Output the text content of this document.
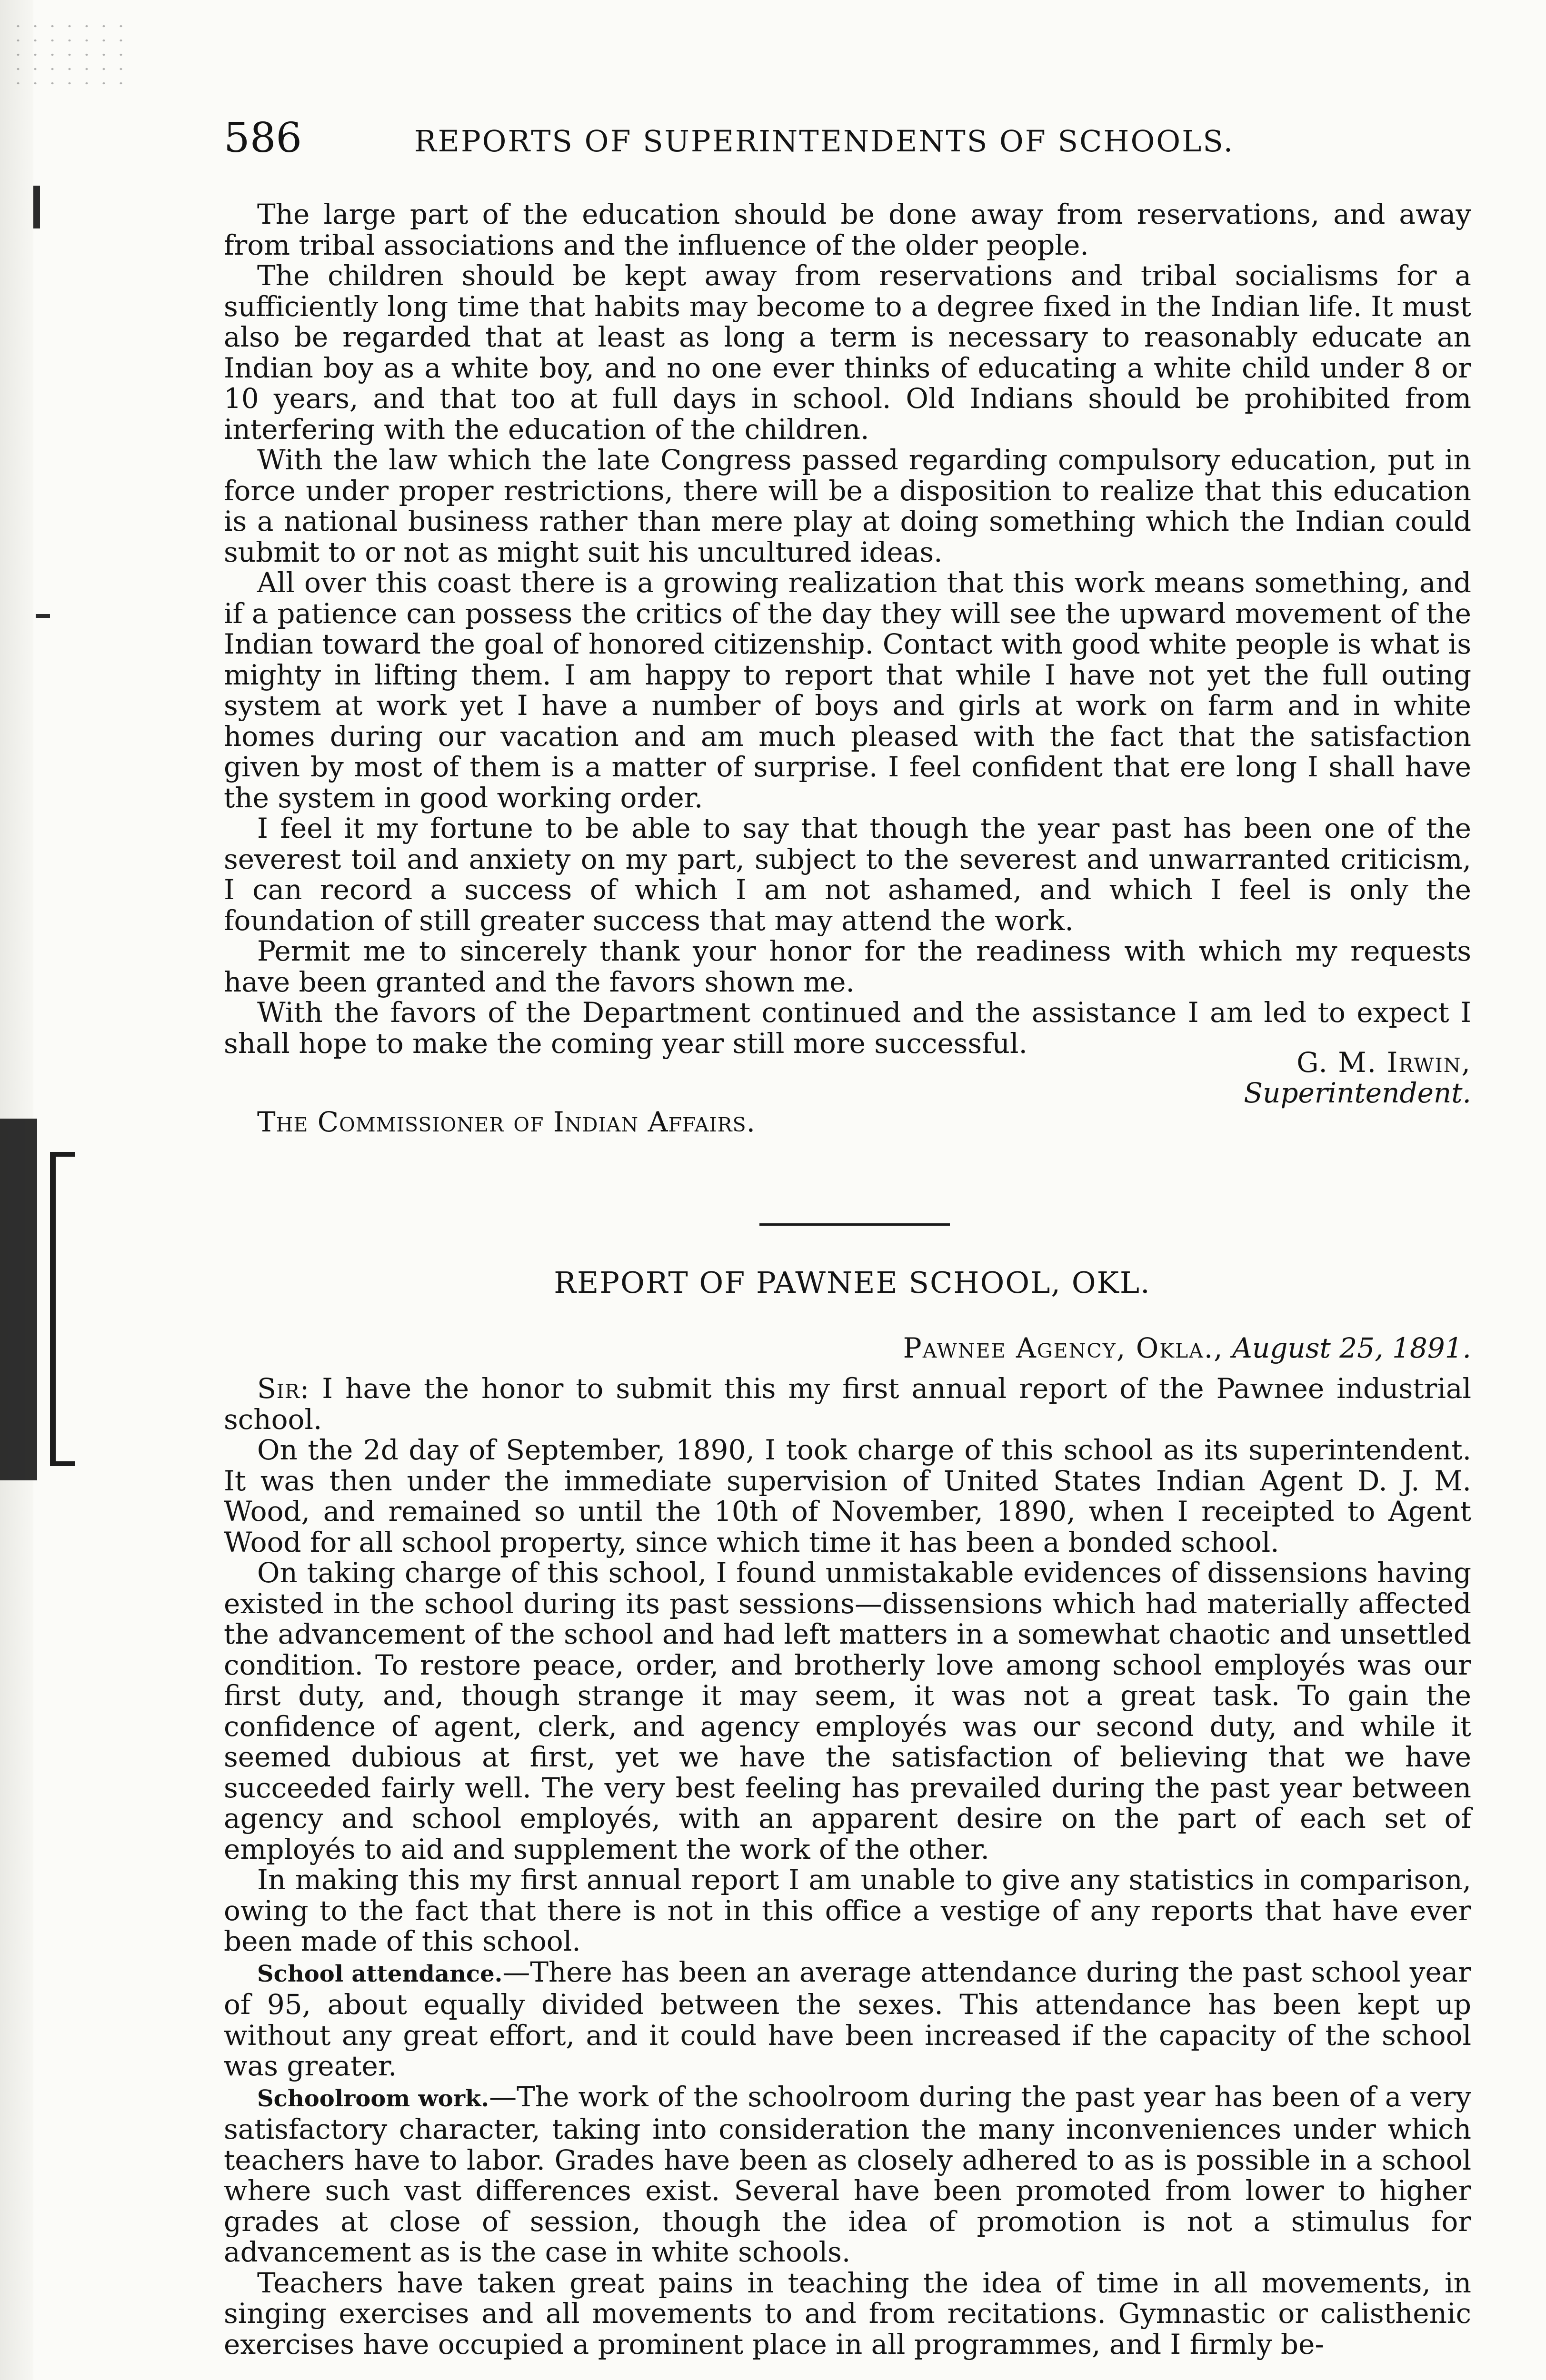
586	REPORTS OF SUPERINTENDENTS OF SCHOOLS.

The large part of the education should be done away from reservations, and away from tribal associations and the influence of the older people.

The children should be kept away from reservations and tribal socialisms for a sufficiently long time that habits may become to a degree fixed in the Indian life. It must also be regarded that at least as long a term is necessary to reasonably educate an Indian boy as a white boy, and no one ever thinks of educating a white child under 8 or 10 years, and that too at full days in school. Old Indians should be prohibited from interfering with the education of the children.

With the law which the late Congress passed regarding compulsory education, put in force under proper restrictions, there will be a disposition to realize that this education is a national business rather than mere play at doing something which the Indian could submit to or not as might suit his uncultured ideas.

All over this coast there is a growing realization that this work means something, and if a patience can possess the critics of the day they will see the upward movement of the Indian toward the goal of honored citizenship. Contact with good white people is what is mighty in lifting them. I am happy to report that while I have not yet the full outing system at work yet I have a number of boys and girls at work on farm and in white homes during our vacation and am much pleased with the fact that the satisfaction given by most of them is a matter of surprise. I feel confident that ere long I shall have the system in good working order.

I feel it my fortune to be able to say that though the year past has been one of the severest toil and anxiety on my part, subject to the severest and unwarranted criticism, I can record a success of which I am not ashamed, and which I feel is only the foundation of still greater success that may attend the work.

Permit me to sincerely thank your honor for the readiness with which my requests have been granted and the favors shown me.

With the favors of the Department continued and the assistance I am led to expect I shall hope to make the coming year still more successful.

G. M. Irwin,
Superintendent.
The Commissioner of Indian Affairs.
REPORT OF PAWNEE SCHOOL, OKL.
Pawnee Agency, Okla., August 25, 1891.

Sir: I have the honor to submit this my first annual report of the Pawnee industrial school.

On the 2d day of September, 1890, I took charge of this school as its superintendent. It was then under the immediate supervision of United States Indian Agent D. J. M. Wood, and remained so until the 10th of November, 1890, when I receipted to Agent Wood for all school property, since which time it has been a bonded school.

On taking charge of this school, I found unmistakable evidences of dissensions having existed in the school during its past sessions—dissensions which had materially affected the advancement of the school and had left matters in a somewhat chaotic and unsettled condition. To restore peace, order, and brotherly love among school employés was our first duty, and, though strange it may seem, it was not a great task. To gain the confidence of agent, clerk, and agency employés was our second duty, and while it seemed dubious at first, yet we have the satisfaction of believing that we have succeeded fairly well. The very best feeling has prevailed during the past year between agency and school employés, with an apparent desire on the part of each set of employés to aid and supplement the work of the other.

In making this my first annual report I am unable to give any statistics in comparison, owing to the fact that there is not in this office a vestige of any reports that have ever been made of this school.

School attendance.—There has been an average attendance during the past school year of 95, about equally divided between the sexes. This attendance has been kept up without any great effort, and it could have been increased if the capacity of the school was greater.

Schoolroom work.—The work of the schoolroom during the past year has been of a very satisfactory character, taking into consideration the many inconveniences under which teachers have to labor. Grades have been as closely adhered to as is possible in a school where such vast differences exist. Several have been promoted from lower to higher grades at close of session, though the idea of promotion is not a stimulus for advancement as is the case in white schools.

Teachers have taken great pains in teaching the idea of time in all movements, in singing exercises and all movements to and from recitations. Gymnastic or calisthenic exercises have occupied a prominent place in all programmes, and I firmly be-
